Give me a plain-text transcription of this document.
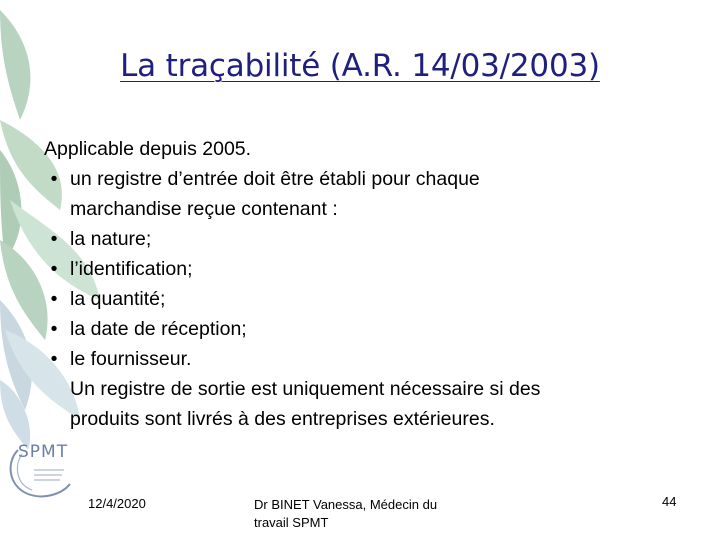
La traçabilité (A.R. 14/03/2003)
Applicable depuis 2005.
• un registre d’entrée doit être établi pour chaque
marchandise reçue contenant :
• la nature;
• l’identification;
• la quantité;
• la date de réception;
• le fournisseur.
Un registre de sortie est uniquement nécessaire si des
produits sont livrés à des entreprises extérieures.
SPMT
12/4/2020	Dr BINET Vanessa, Médecin du
travail SPMT
44
